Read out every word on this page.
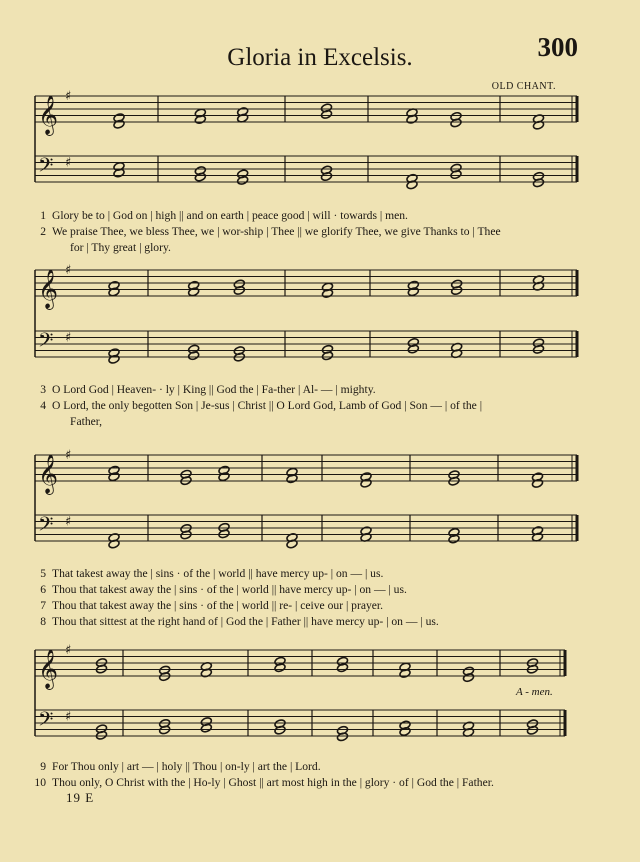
300
Gloria in Excelsis.
OLD CHANT.
𝄞 ♯
𝄢 ♯
𝄞 ♯
𝄢 ♯
𝄞 ♯
𝄢 ♯
𝄞 ♯
𝄢 ♯
1 Glory be to | God on | high || and on earth | peace good | will · towards | men.
2 We praise Thee, we bless Thee, we | wor-ship | Thee || we glorify Thee, we give Thanks to | Thee
for | Thy great | glory.
3 O Lord God | Heaven- · ly | King || God the | Fa-ther | Al- — | mighty.
4 O Lord, the only begotten Son | Je-sus | Christ || O Lord God, Lamb of God | Son — | of the |
Father,
5 That takest away the | sins · of the | world || have mercy up- | on — | us.
6 Thou that takest away the | sins · of the | world || have mercy up- | on — | us.
7 Thou that takest away the | sins · of the | world || re- | ceive our | prayer.
8 Thou that sittest at the right hand of | God the | Father || have mercy up- | on — | us.
9 For Thou only | art — | holy || Thou | on-ly | art the | Lord.
10 Thou only, O Christ with the | Ho-ly | Ghost || art most high in the | glory · of | God the | Father.
A - men.
19 E
